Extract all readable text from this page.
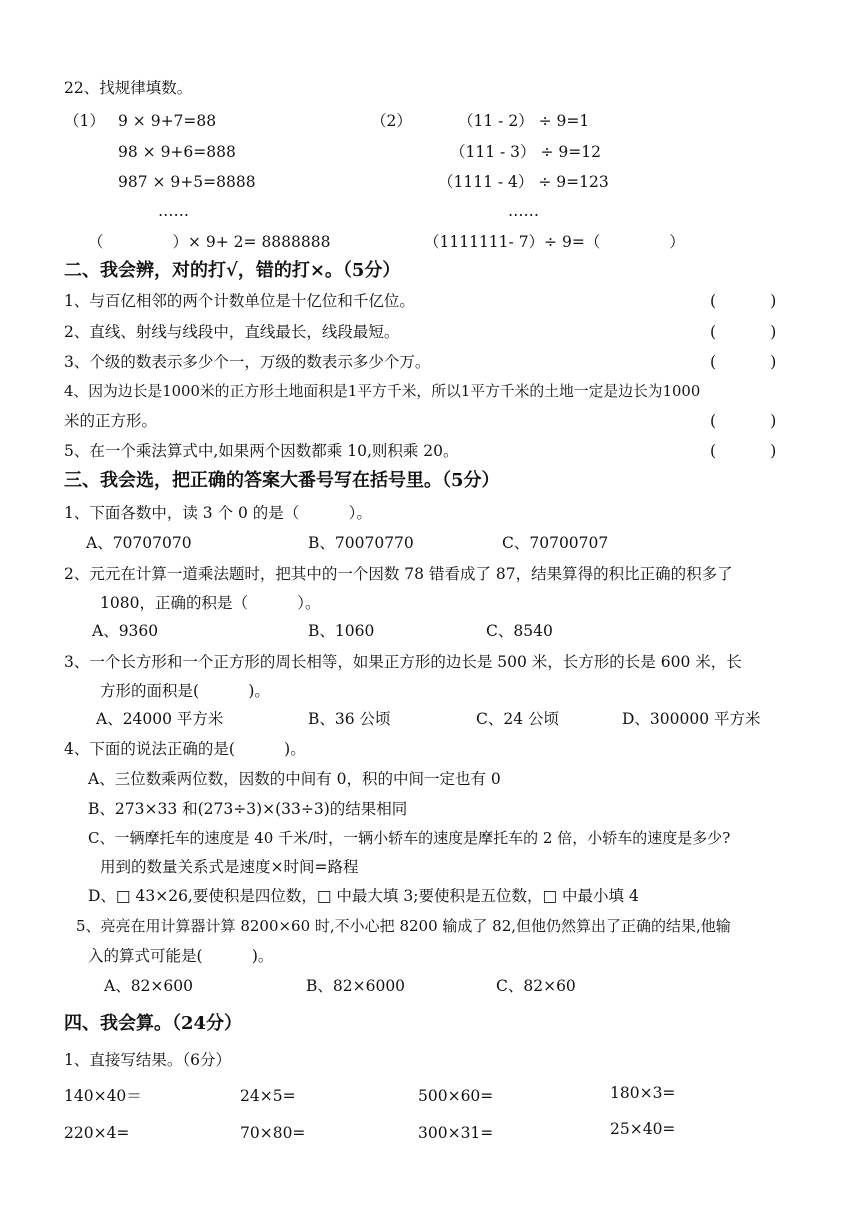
22、找规律填数。
（1） 9 × 9+7=88
98 × 9+6=888
987 × 9+5=8888
……
（              ）× 9+ 2= 8888888
（2）	（11 - 2） ÷ 9=1
（111 - 3） ÷ 9=12
（1111 - 4） ÷ 9=123
……
（1111111- 7）÷ 9=（              ）
二、我会辨，对的打√，错的打×。（5分）
1、与百亿相邻的两个计数单位是十亿位和千亿位。	(           )
2、直线、射线与线段中，直线最长，线段最短。	(           )
3、个级的数表示多少个一，万级的数表示多少个万。	(           )
4、因为边长是1000米的正方形土地面积是1平方千米，所以1平方千米的土地一定是边长为1000
米的正方形。	(           )
5、在一个乘法算式中,如果两个因数都乘 10,则积乘 20。	(           )
三、我会选，把正确的答案大番号写在括号里。（5分）
1、下面各数中，读 3 个 0 的是（          ）。
A、70707070	B、70070770	C、70700707
2、元元在计算一道乘法题时，把其中的一个因数 78 错看成了 87，结果算得的积比正确的积多了
1080，正确的积是（          ）。
A、9360	B、1060	C、8540
3、一个长方形和一个正方形的周长相等，如果正方形的边长是 500 米，长方形的长是 600 米，长
方形的面积是(          )。
A、24000 平方米	B、36 公顷	C、24 公顷	D、300000 平方米
4、下面的说法正确的是(          )。
A、三位数乘两位数，因数的中间有 0，积的中间一定也有 0
B、273×33 和(273÷3)×(33÷3)的结果相同
C、一辆摩托车的速度是 40 千米/时，一辆小轿车的速度是摩托车的 2 倍，小轿车的速度是多少?
用到的数量关系式是速度×时间=路程
D、□ 43×26,要使积是四位数，□ 中最大填 3;要使积是五位数，□ 中最小填 4
5、亮亮在用计算器计算 8200×60 时,不小心把 8200 输成了 82,但他仍然算出了正确的结果,他输
入的算式可能是(          )。
A、82×600	B、82×6000	C、82×60
四、我会算。（24分）
1、直接写结果。（6分）
140×40＝	24×5=	500×60=	180×3=
220×4=	70×80=	300×31=	25×40=
